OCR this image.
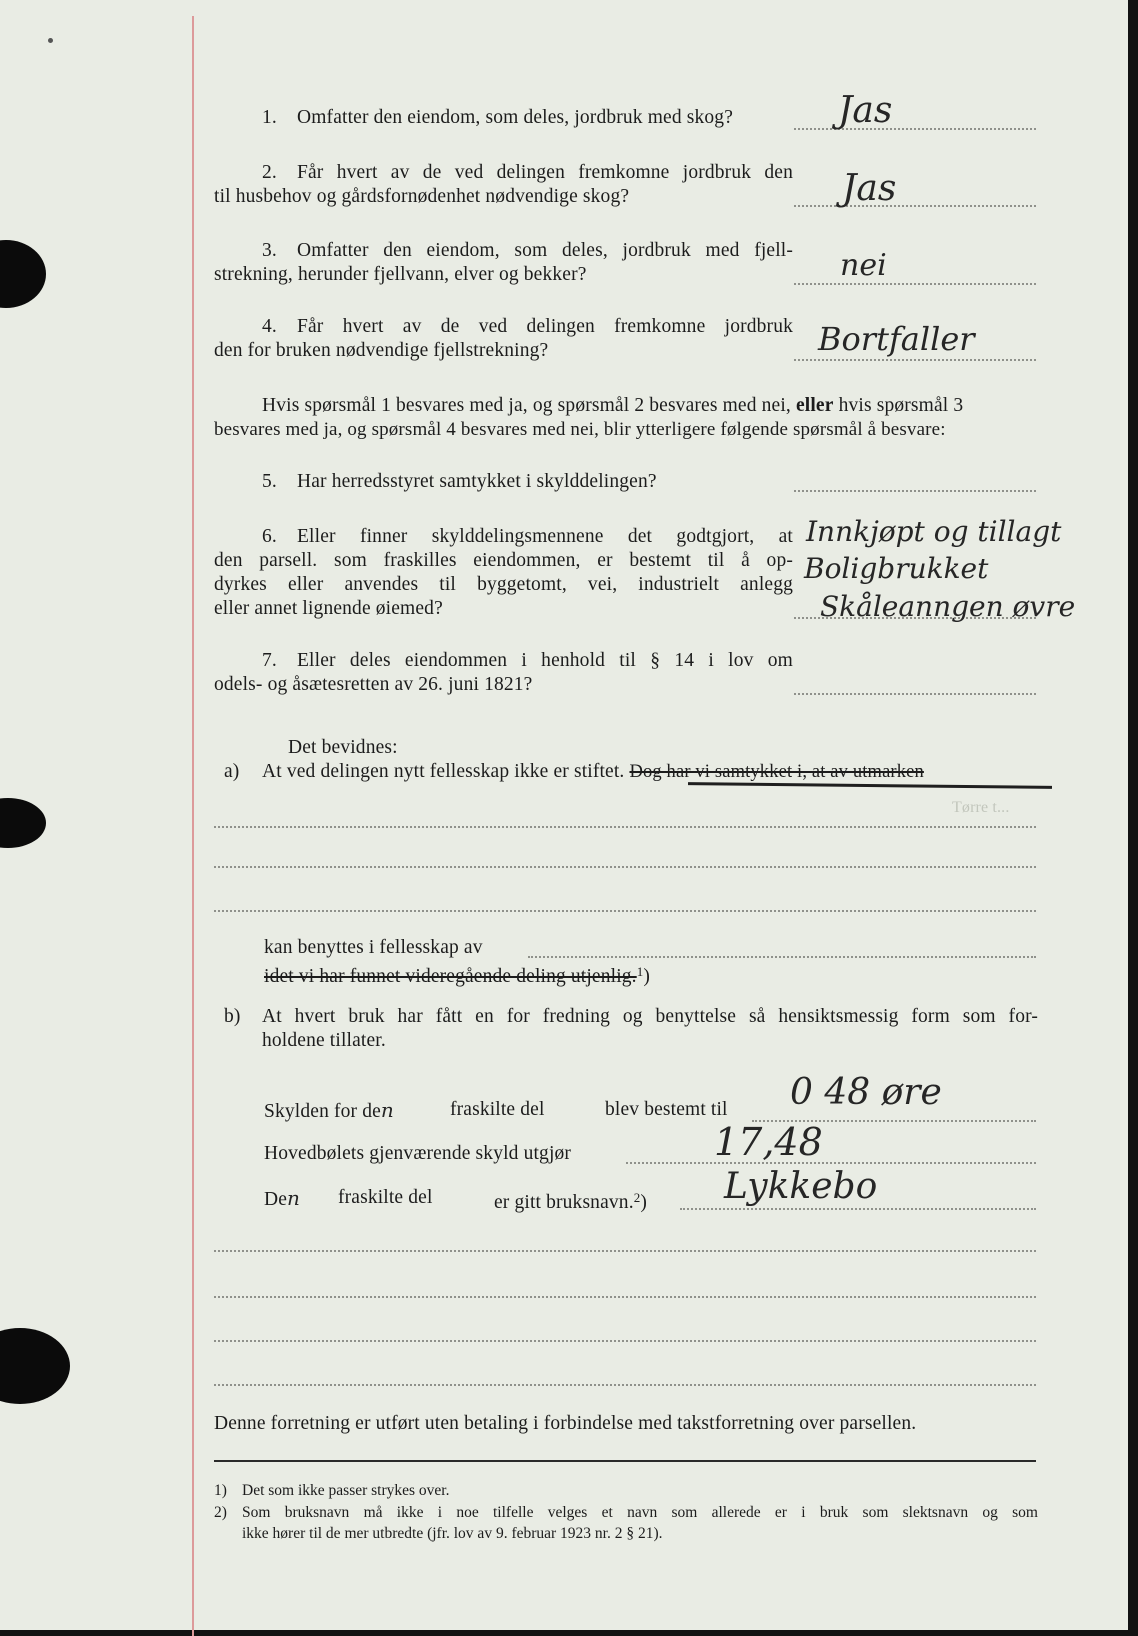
1. Omfatter den eiendom, som deles, jordbruk med skog?	Jas
2. Får hvert av de ved delingen fremkomne jordbruk den
til husbehov og gårdsfornødenhet nødvendige skog?	Jas
3. Omfatter den eiendom, som deles, jordbruk med fjell-
strekning, herunder fjellvann, elver og bekker?	nei
4. Får hvert av de ved delingen fremkomne jordbruk
den for bruken nødvendige fjellstrekning?	Bortfaller
Hvis spørsmål 1 besvares med ja, og spørsmål 2 besvares med nei, eller hvis spørsmål 3
besvares med ja, og spørsmål 4 besvares med nei, blir ytterligere følgende spørsmål å besvare:
5. Har herredsstyret samtykket i skylddelingen?
6. Eller finner skylddelingsmennene det godtgjort, at
den parsell. som fraskilles eiendommen, er bestemt til å op-
dyrkes eller anvendes til byggetomt, vei, industrielt anlegg
eller annet lignende øiemed?
Innkjøpt og tillagt
Boligbrukket
Skåleanngen øvre
7. Eller deles eiendommen i henhold til § 14 i lov om
odels- og åsætesretten av 26. juni 1821?
Det bevidnes:
a) At ved delingen nytt fellesskap ikke er stiftet. Dog har vi samtykket i, at av utmarken
Tørre t...
kan benyttes i fellesskap av
idet vi har funnet videregående deling utjenlig.$^1$)
b) At hvert bruk har fått en for fredning og benyttelse så hensiktsmessig form som for-
holdene tillater.
Skylden for den	fraskilte del	blev bestemt til 0 48 øre
Hovedbølets gjenværende skyld utgjør	17,48
Den fraskilte del	er gitt bruksnavn.$^2$) Lykkebo
Denne forretning er utført uten betaling i forbindelse med takstforretning over parsellen.
1) Det som ikke passer strykes over.
2) Som bruksnavn må ikke i noe tilfelle velges et navn som allerede er i bruk som slektsnavn og som
ikke hører til de mer utbredte (jfr. lov av 9. februar 1923 nr. 2 § 21).
